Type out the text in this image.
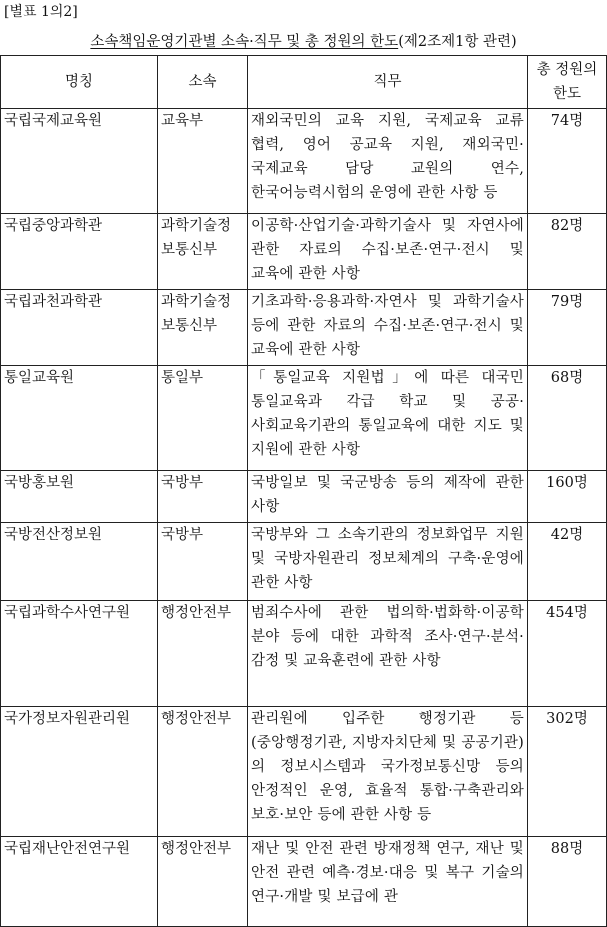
[별표 1의2]
소속책임운영기관별 소속·직무 및 총 정원의 한도(제2조제1항 관련)
명칭	소속	직무	총 정원의 한도
국립국제교육원	교육부	재외국민의 교육 지원, 국제교육 교류 협력, 영어 공교육 지원, 재외국민·국제교육 담당 교원의 연수, 한국어능력시험의 운영에 관한 사항 등	74명
국립중앙과학관	과학기술정보통신부	이공학·산업기술·과학기술사 및 자연사에 관한 자료의 수집·보존·연구·전시 및 교육에 관한 사항	82명
국립과천과학관	과학기술정보통신부	기초과학·응용과학·자연사 및 과학기술사 등에 관한 자료의 수집·보존·연구·전시 및 교육에 관한 사항	79명
통일교육원	통일부	「통일교육 지원법」에 따른 대국민 통일교육과 각급 학교 및 공공·사회교육기관의 통일교육에 대한 지도 및 지원에 관한 사항	68명
국방홍보원	국방부	국방일보 및 국군방송 등의 제작에 관한 사항	160명
국방전산정보원	국방부	국방부와 그 소속기관의 정보화업무 지원 및 국방자원관리 정보체계의 구축·운영에 관한 사항	42명
국립과학수사연구원	행정안전부	범죄수사에 관한 법의학·법화학·이공학 분야 등에 대한 과학적 조사·연구·분석·감정 및 교육훈련에 관한 사항	454명
국가정보자원관리원	행정안전부	관리원에 입주한 행정기관 등(중앙행정기관, 지방자치단체 및 공공기관)의 정보시스템과 국가정보통신망 등의 안정적인 운영, 효율적 통합·구축관리와 보호·보안 등에 관한 사항 등	302명
국립재난안전연구원	행정안전부	재난 및 안전 관련 방재정책 연구, 재난 및 안전 관련 예측·경보·대응 및 복구 기술의 연구·개발 및 보급에 관	88명
